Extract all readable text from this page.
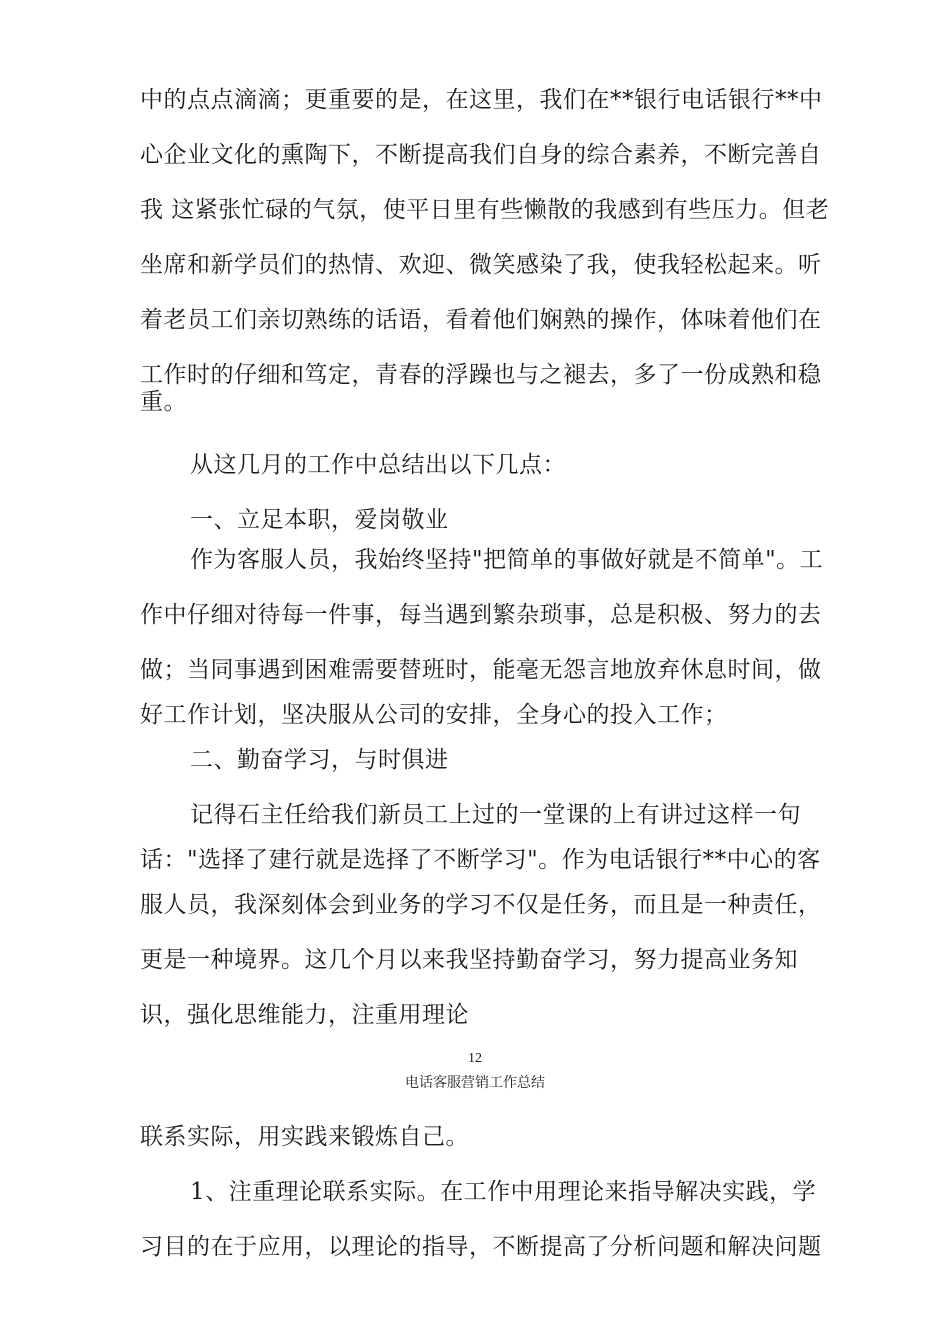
中的点点滴滴；更重要的是，在这里，我们在**银行电话银行**中
心企业文化的熏陶下，不断提高我们自身的综合素养，不断完善自
我 这紧张忙碌的气氛，使平日里有些懒散的我感到有些压力。但老
坐席和新学员们的热情、欢迎、微笑感染了我，使我轻松起来。听
着老员工们亲切熟练的话语，看着他们娴熟的操作，体味着他们在
工作时的仔细和笃定，青春的浮躁也与之褪去，多了一份成熟和稳
重。
从这几月的工作中总结出以下几点：
一、立足本职，爱岗敬业
作为客服人员，我始终坚持"把简单的事做好就是不简单"。工
作中仔细对待每一件事，每当遇到繁杂琐事，总是积极、努力的去
做；当同事遇到困难需要替班时，能毫无怨言地放弃休息时间，做
好工作计划，坚决服从公司的安排，全身心的投入工作；
二、勤奋学习，与时俱进
记得石主任给我们新员工上过的一堂课的上有讲过这样一句
话："选择了建行就是选择了不断学习"。作为电话银行**中心的客
服人员，我深刻体会到业务的学习不仅是任务，而且是一种责任，
更是一种境界。这几个月以来我坚持勤奋学习，努力提高业务知
识，强化思维能力，注重用理论
12
电话客服营销工作总结
联系实际，用实践来锻炼自己。
1、注重理论联系实际。在工作中用理论来指导解决实践，学
习目的在于应用，以理论的指导，不断提高了分析问题和解决问题
